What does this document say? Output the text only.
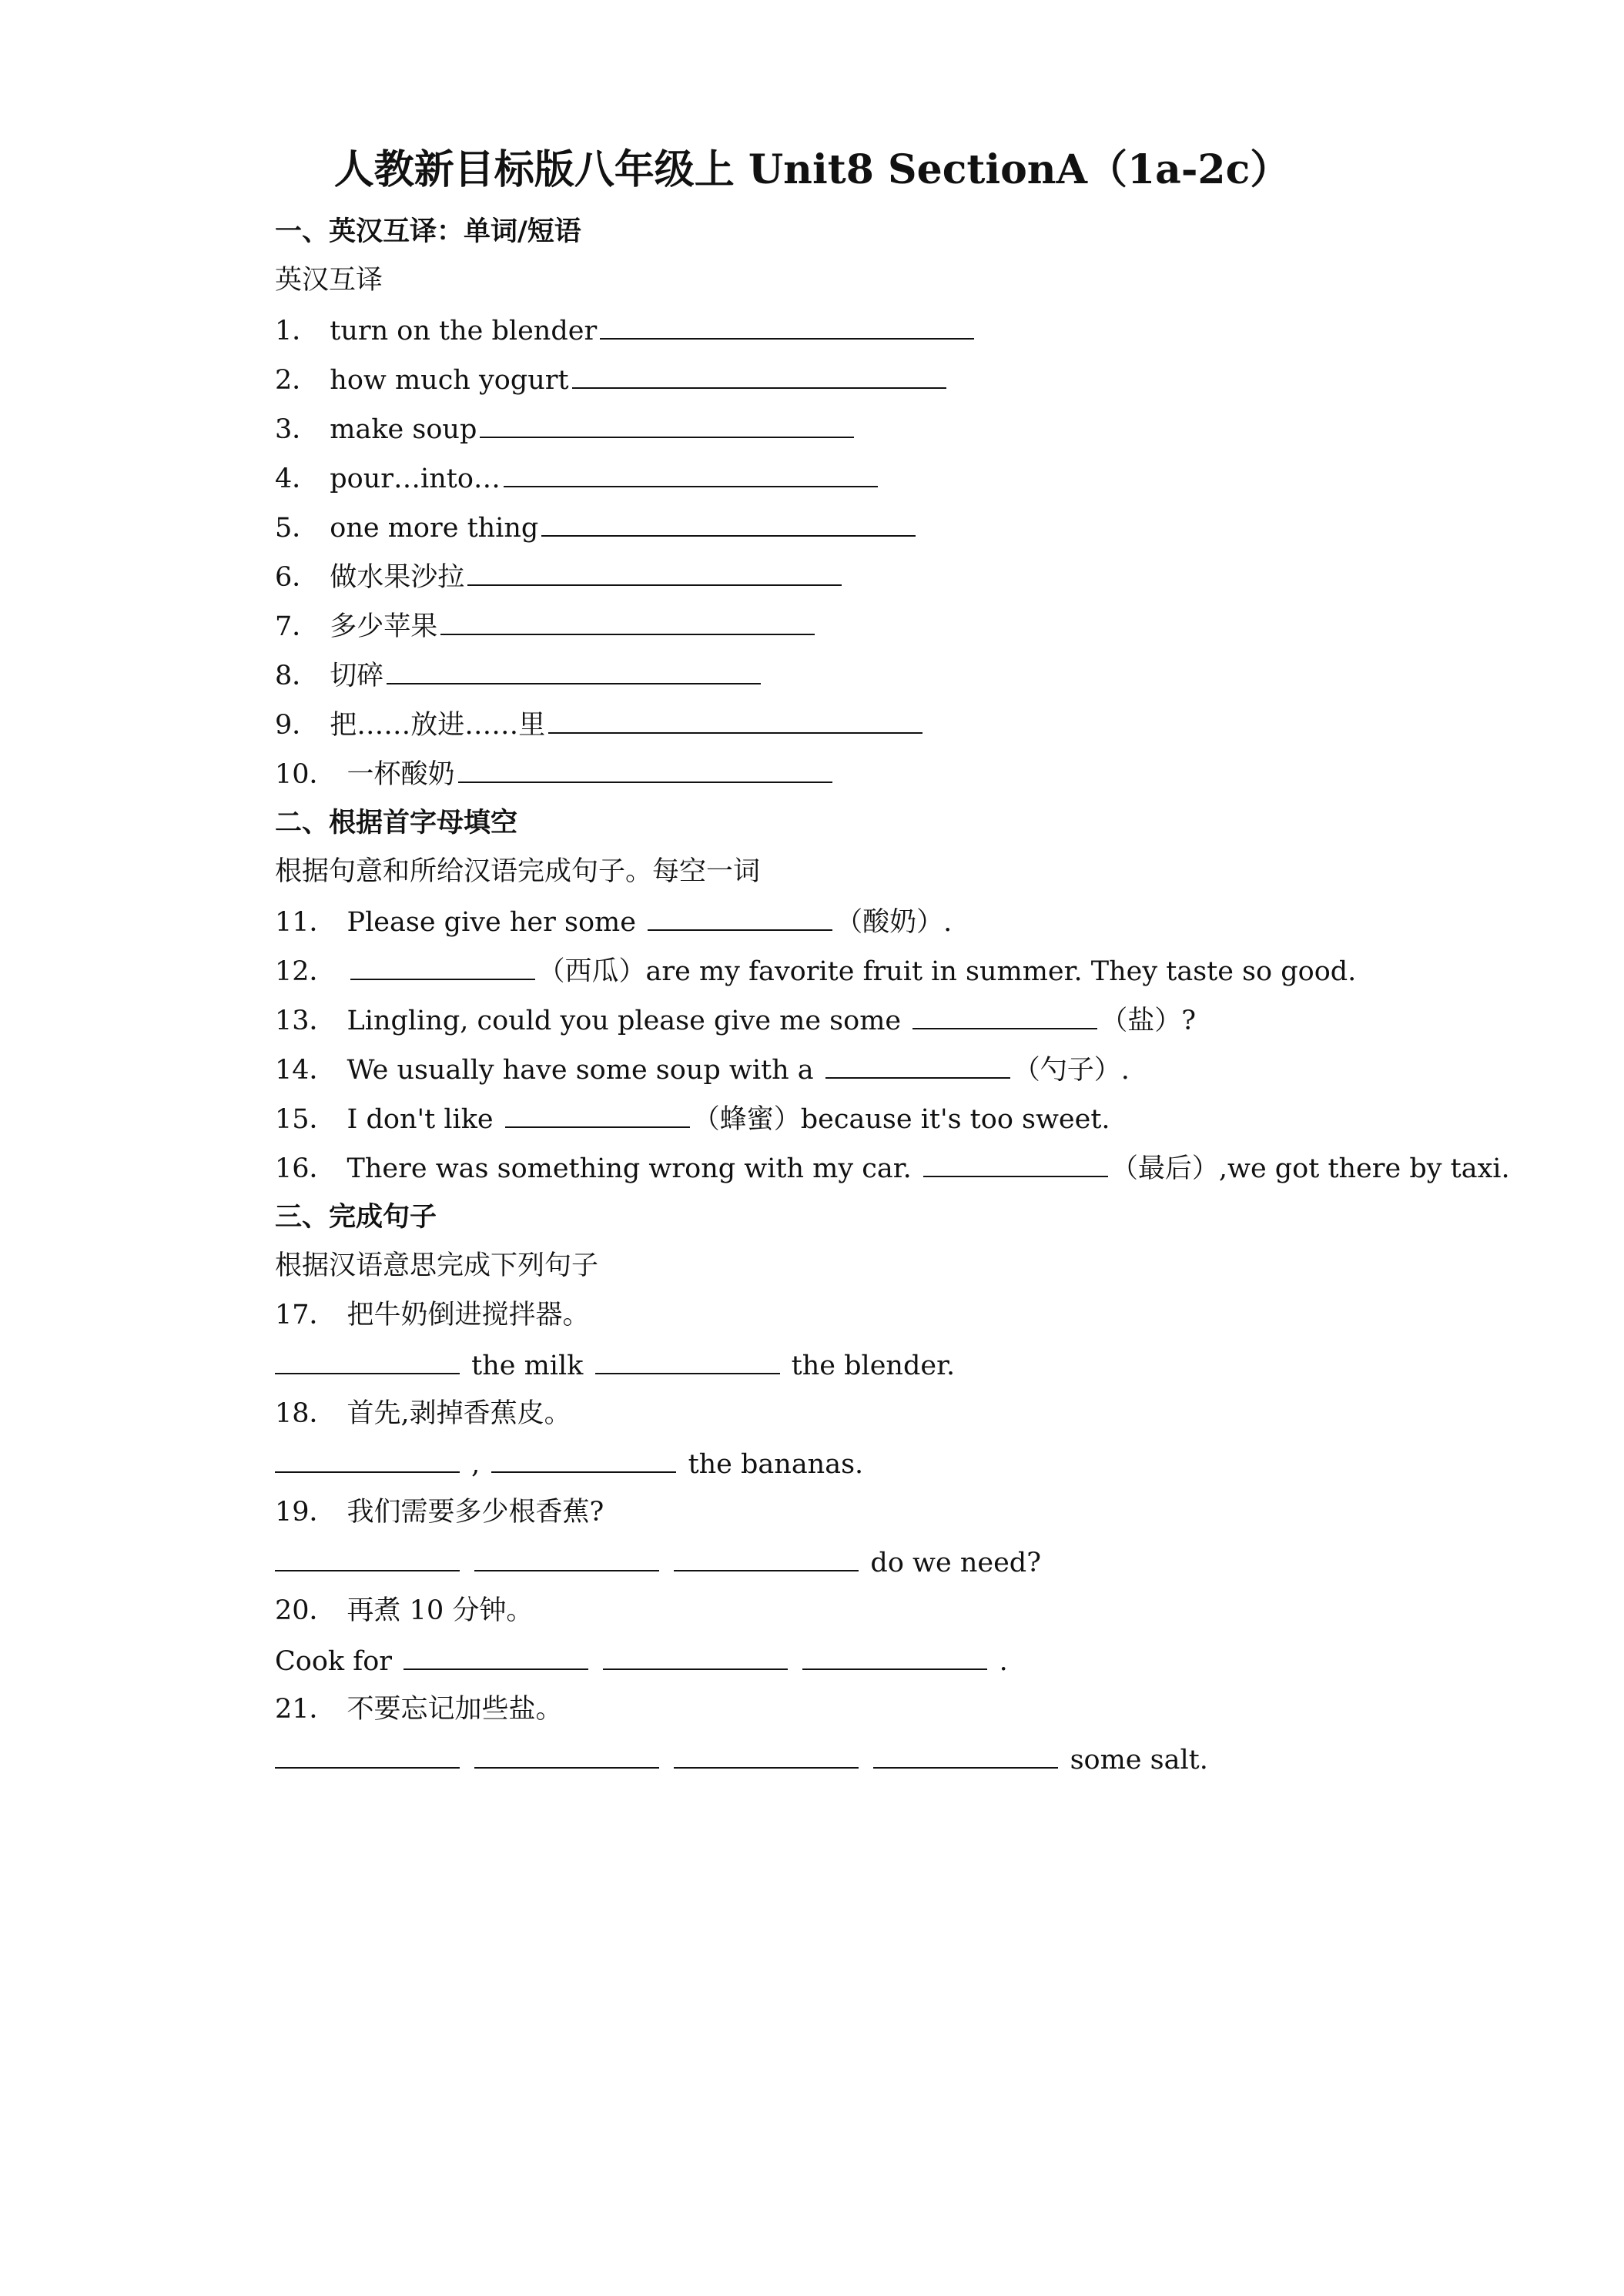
人教新目标版八年级上 Unit8 SectionA（1a-2c）
一、英汉互译：单词/短语
英汉互译
1． turn on the blender
2． how much yogurt
3． make soup
4． pour…into…
5． one more thing
6． 做水果沙拉
7． 多少苹果
8． 切碎
9． 把……放进……里
10． 一杯酸奶
二、根据首字母填空
根据句意和所给汉语完成句子。每空一词
11． Please give her some	（酸奶）.
12．	（西瓜）are my favorite fruit in summer. They taste so good.
13． Lingling, could you please give me some	（盐）?
14． We usually have some soup with a	（勺子）.
15． I don't like	（蜂蜜）because it's too sweet.
16． There was something wrong with my car.	（最后）,we got there by taxi.
三、完成句子
根据汉语意思完成下列句子
17． 把牛奶倒进搅拌器。
the milk	the blender.
18． 首先,剥掉香蕉皮。
,	the bananas.
19． 我们需要多少根香蕉?
do we need?
20． 再煮 10 分钟。
Cook for	.
21． 不要忘记加些盐。
some salt.
